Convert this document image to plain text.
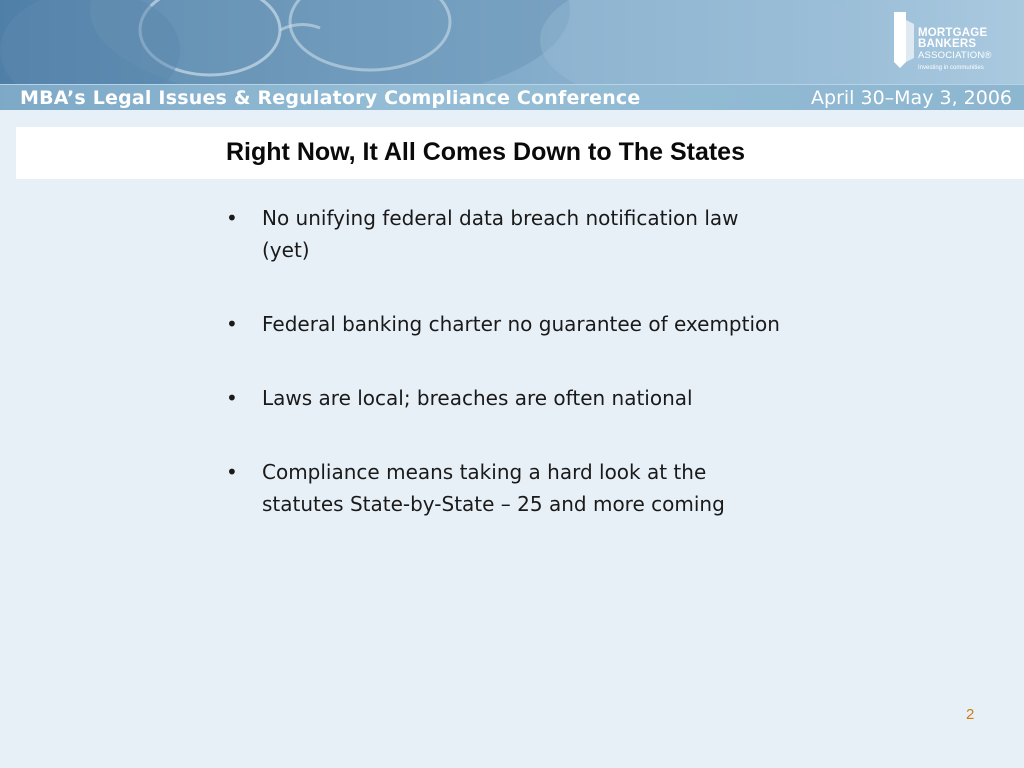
MORTGAGE
BANKERS
ASSOCIATION®
Investing in communities
MBA’s Legal Issues & Regulatory Compliance Conference	April 30–May 3, 2006
Right Now, It All Comes Down to The States
• No unifying federal data breach notification law (yet)
• Federal banking charter no guarantee of exemption
• Laws are local; breaches are often national
• Compliance means taking a hard look at the statutes State-by-State – 25 and more coming
2
